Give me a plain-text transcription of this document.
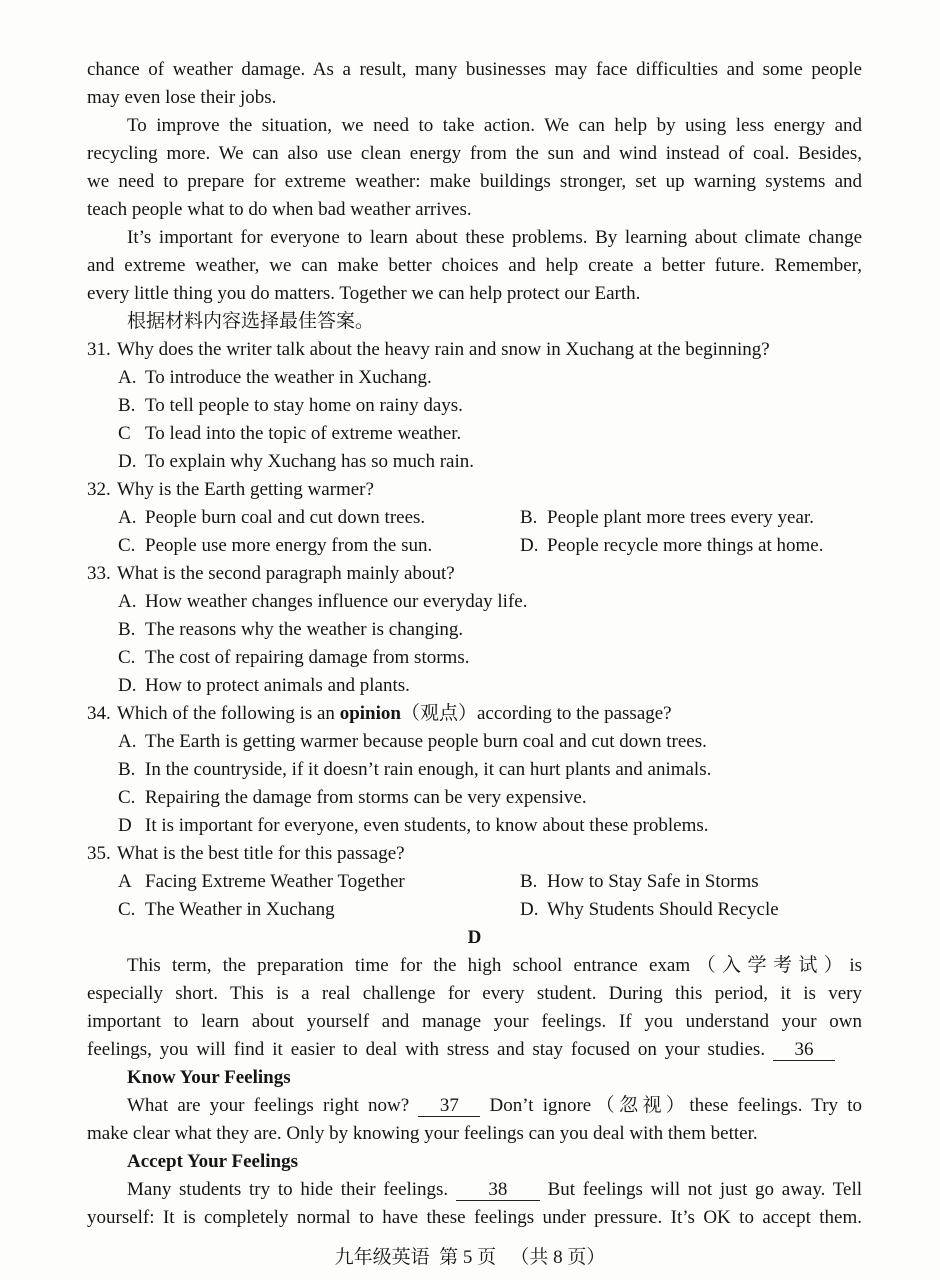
chance of weather damage. As a result, many businesses may face difficulties and some people
may even lose their jobs.
To improve the situation, we need to take action. We can help by using less energy and
recycling more. We can also use clean energy from the sun and wind instead of coal. Besides,
we need to prepare for extreme weather: make buildings stronger, set up warning systems and
teach people what to do when bad weather arrives.
It’s important for everyone to learn about these problems. By learning about climate change
and extreme weather, we can make better choices and help create a better future. Remember,
every little thing you do matters. Together we can help protect our Earth.
根据材料内容选择最佳答案。
31. Why does the writer talk about the heavy rain and snow in Xuchang at the beginning?
A. To introduce the weather in Xuchang.
B. To tell people to stay home on rainy days.
C To lead into the topic of extreme weather.
D. To explain why Xuchang has so much rain.
32. Why is the Earth getting warmer?
A. People burn coal and cut down trees.	B. People plant more trees every year.
C. People use more energy from the sun.	D. People recycle more things at home.
33. What is the second paragraph mainly about?
A. How weather changes influence our everyday life.
B. The reasons why the weather is changing.
C. The cost of repairing damage from storms.
D. How to protect animals and plants.
34. Which of the following is an opinion（观点）according to the passage?
A. The Earth is getting warmer because people burn coal and cut down trees.
B. In the countryside, if it doesn’t rain enough, it can hurt plants and animals.
C. Repairing the damage from storms can be very expensive.
D It is important for everyone, even students, to know about these problems.
35. What is the best title for this passage?
A Facing Extreme Weather Together	B. How to Stay Safe in Storms
C. The Weather in Xuchang	D. Why Students Should Recycle
D
This term, the preparation time for the high school entrance exam（入学考试）is
especially short. This is a real challenge for every student. During this period, it is very
important to learn about yourself and manage your feelings. If you understand your own
feelings, you will find it easier to deal with stress and stay focused on your studies. 36
Know Your Feelings
What are your feelings right now? 37 Don’t ignore（忽视）these feelings. Try to
make clear what they are. Only by knowing your feelings can you deal with them better.
Accept Your Feelings
Many students try to hide their feelings. 38 But feelings will not just go away. Tell
yourself: It is completely normal to have these feelings under pressure. It’s OK to accept them.
九年级英语  第 5 页   （共 8 页）
